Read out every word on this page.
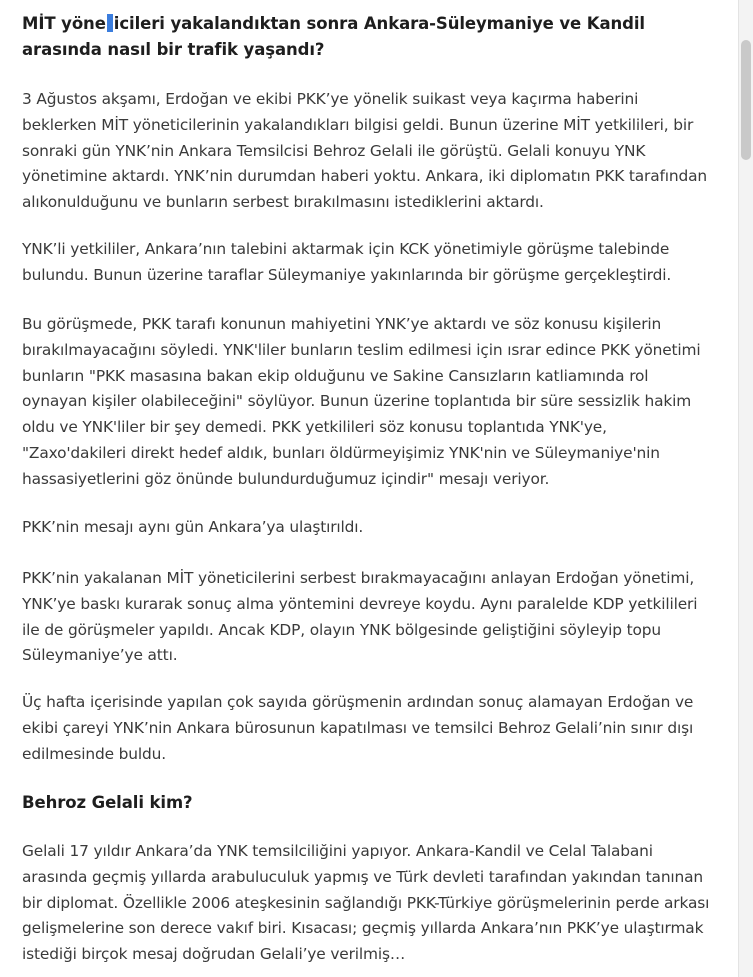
MİT yöne icileri yakalandıktan sonra Ankara-Süleymaniye ve Kandil arasında nasıl bir trafik yaşandı?

3 Ağustos akşamı, Erdoğan ve ekibi PKK’ye yönelik suikast veya kaçırma haberini beklerken MİT yöneticilerinin yakalandıkları bilgisi geldi. Bunun üzerine MİT yetkilileri, bir sonraki gün YNK’nin Ankara Temsilcisi Behroz Gelali ile görüştü. Gelali konuyu YNK yönetimine aktardı. YNK’nin durumdan haberi yoktu. Ankara, iki diplomatın PKK tarafından alıkonulduğunu ve bunların serbest bırakılmasını istediklerini aktardı.

YNK’li yetkililer, Ankara’nın talebini aktarmak için KCK yönetimiyle görüşme talebinde bulundu. Bunun üzerine taraflar Süleymaniye yakınlarında bir görüşme gerçekleştirdi.

Bu görüşmede, PKK tarafı konunun mahiyetini YNK’ye aktardı ve söz konusu kişilerin bırakılmayacağını söyledi. YNK'liler bunların teslim edilmesi için ısrar edince PKK yönetimi bunların "PKK masasına bakan ekip olduğunu ve Sakine Cansızların katliamında rol oynayan kişiler olabileceğini" söylüyor. Bunun üzerine toplantıda bir süre sessizlik hakim oldu ve YNK'liler bir şey demedi. PKK yetkilileri söz konusu toplantıda YNK'ye, "Zaxo'dakileri direkt hedef aldık, bunları öldürmeyişimiz YNK'nin ve Süleymaniye'nin hassasiyetlerini göz önünde bulundurduğumuz içindir" mesajı veriyor.

PKK’nin mesajı aynı gün Ankara’ya ulaştırıldı.

PKK’nin yakalanan MİT yöneticilerini serbest bırakmayacağını anlayan Erdoğan yönetimi, YNK’ye baskı kurarak sonuç alma yöntemini devreye koydu. Aynı paralelde KDP yetkilileri ile de görüşmeler yapıldı. Ancak KDP, olayın YNK bölgesinde geliştiğini söyleyip topu Süleymaniye’ye attı.

Üç hafta içerisinde yapılan çok sayıda görüşmenin ardından sonuç alamayan Erdoğan ve ekibi çareyi YNK’nin Ankara bürosunun kapatılması ve temsilci Behroz Gelali’nin sınır dışı edilmesinde buldu.

Behroz Gelali kim?

Gelali 17 yıldır Ankara’da YNK temsilciliğini yapıyor. Ankara-Kandil ve Celal Talabani arasında geçmiş yıllarda arabuluculuk yapmış ve Türk devleti tarafından yakından tanınan bir diplomat. Özellikle 2006 ateşkesinin sağlandığı PKK-Türkiye görüşmelerinin perde arkası gelişmelerine son derece vakıf biri. Kısacası; geçmiş yıllarda Ankara’nın PKK’ye ulaştırmak istediği birçok mesaj doğrudan Gelali’ye verilmiş…
